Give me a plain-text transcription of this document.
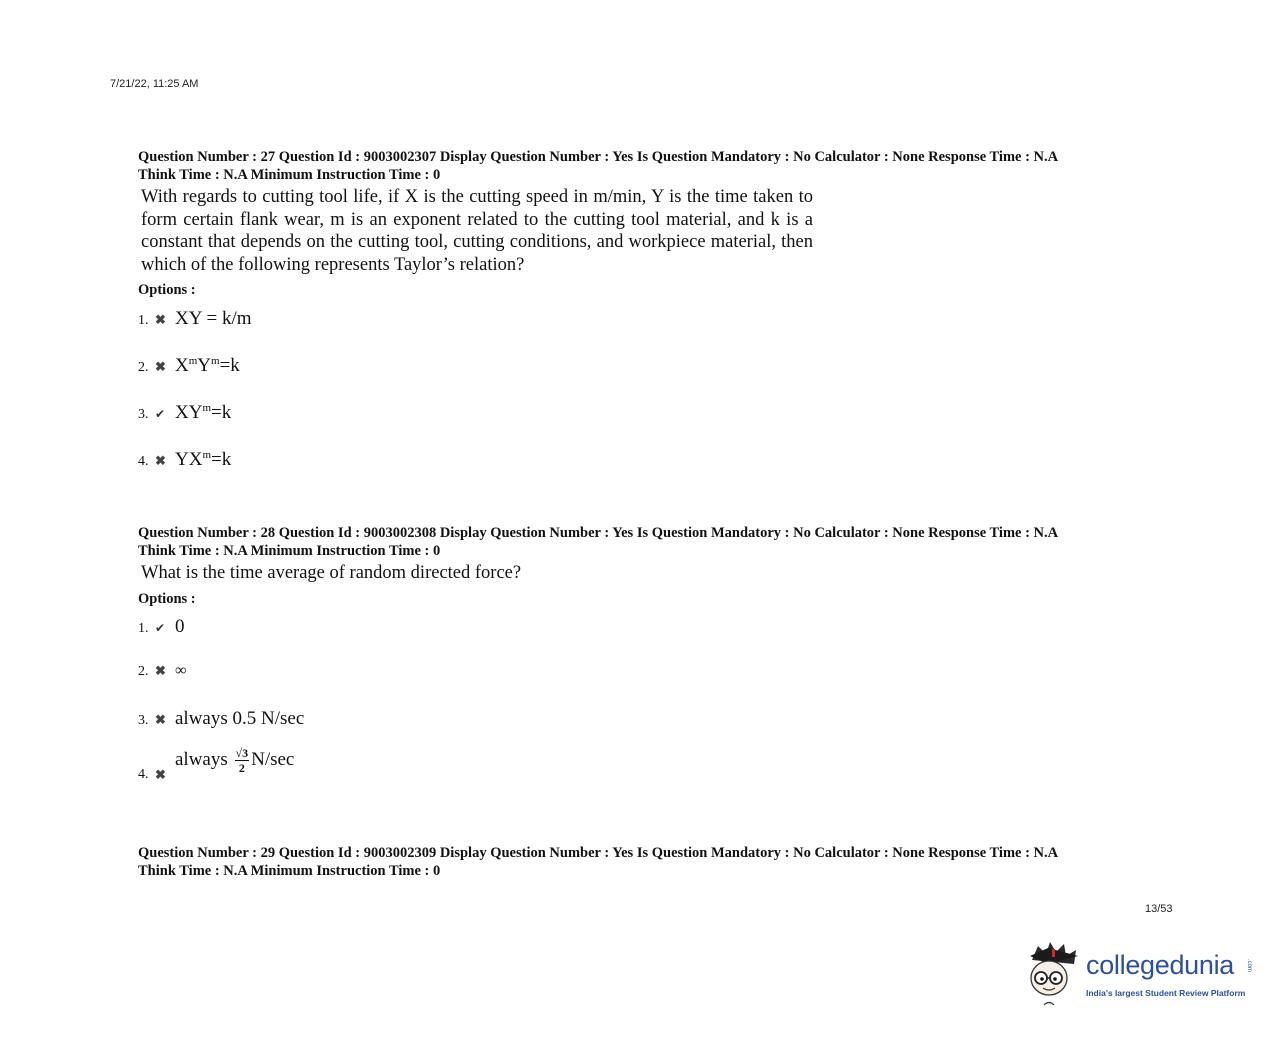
7/21/22, 11:25 AM
Question Number : 27 Question Id : 9003002307 Display Question Number : Yes Is Question Mandatory : No Calculator : None Response Time : N.A
Think Time : N.A Minimum Instruction Time : 0
With regards to cutting tool life, if X is the cutting speed in m/min, Y is the time taken to form certain flank wear, m is an exponent related to the cutting tool material, and k is a constant that depends on the cutting tool, cutting conditions, and workpiece material, then which of the following represents Taylor’s relation?
Options :
1. ✖ XY = k/m
2. ✖ $X^mY^m=k$
3. ✔ $XY^m=k$
4. ✖ $YX^m=k$
Question Number : 28 Question Id : 9003002308 Display Question Number : Yes Is Question Mandatory : No Calculator : None Response Time : N.A
Think Time : N.A Minimum Instruction Time : 0
What is the time average of random directed force?
Options :
1. ✔ 0
2. ✖ ∞
3. ✖ always 0.5 N/sec
4. ✖
always $\frac{√3}{2} N/\sec$
Question Number : 29 Question Id : 9003002309 Display Question Number : Yes Is Question Mandatory : No Calculator : None Response Time : N.A
Think Time : N.A Minimum Instruction Time : 0
13/53
collegedunia .com
India's largest Student Review Platform
